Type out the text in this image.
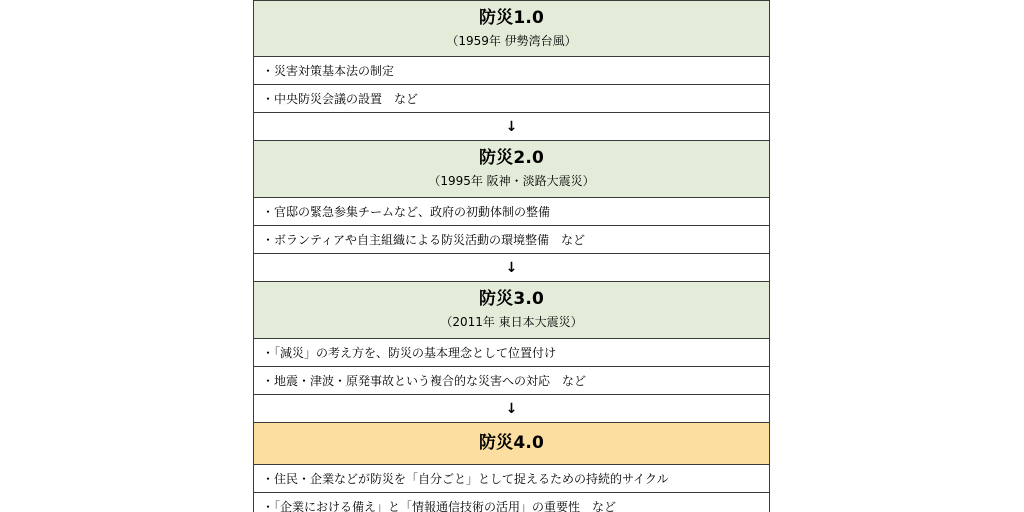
防災1.0
（1959年 伊勢湾台風）
・災害対策基本法の制定
・中央防災会議の設置　など
↓
防災2.0
（1995年 阪神・淡路大震災）
・官邸の緊急参集チームなど、政府の初動体制の整備
・ボランティアや自主組織による防災活動の環境整備　など
↓
防災3.0
（2011年 東日本大震災）
・「減災」の考え方を、防災の基本理念として位置付け
・地震・津波・原発事故という複合的な災害への対応　など
↓
防災4.0
・住民・企業などが防災を「自分ごと」として捉えるための持続的サイクル
・「企業における備え」と「情報通信技術の活用」の重要性　など
